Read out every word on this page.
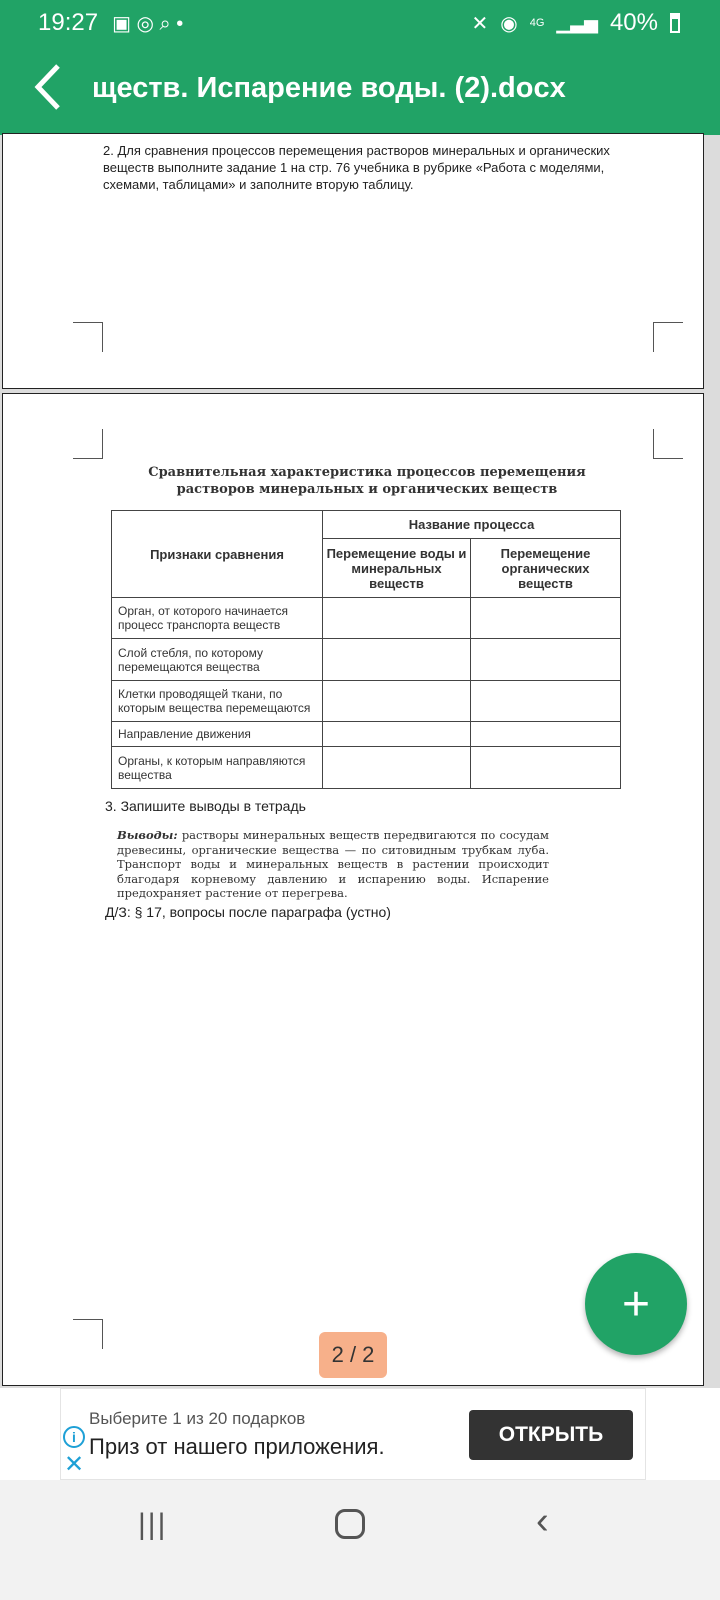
19:27 ▣ ◎ ⌕ •	✕ ◉ 4G ▁▃▅ 40%
ществ. Испарение воды. (2).docx
2. Для сравнения процессов перемещения растворов минеральных и органических веществ выполните задание 1 на стр. 76 учебника в рубрике «Работа с моделями, схемами, таблицами» и заполните вторую таблицу.
Сравнительная характеристика процессов перемещения растворов минеральных и органических веществ
Признаки сравнения	Название процесса	
	Перемещение воды и минеральных веществ	Перемещение органических веществ
Орган, от которого начинается процесс транспорта веществ		
Слой стебля, по которому перемещаются вещества		
Клетки проводящей ткани, по которым вещества перемещаются		
Направление движения		
Органы, к которым направляются вещества		
3. Запишите выводы в тетрадь
Выводы: растворы минеральных веществ передвигаются по сосудам древесины, органические вещества — по ситовидным трубкам луба. Транспорт воды и минеральных веществ в растении происходит благодаря корневому давлению и испарению воды. Испарение предохраняет растение от перегрева.
Д/З: § 17, вопросы после параграфа (устно)
2 / 2
+
Выберите 1 из 20 подарков
Приз от нашего приложения.	ОТКРЫТЬ
i
✕
|||	‹
